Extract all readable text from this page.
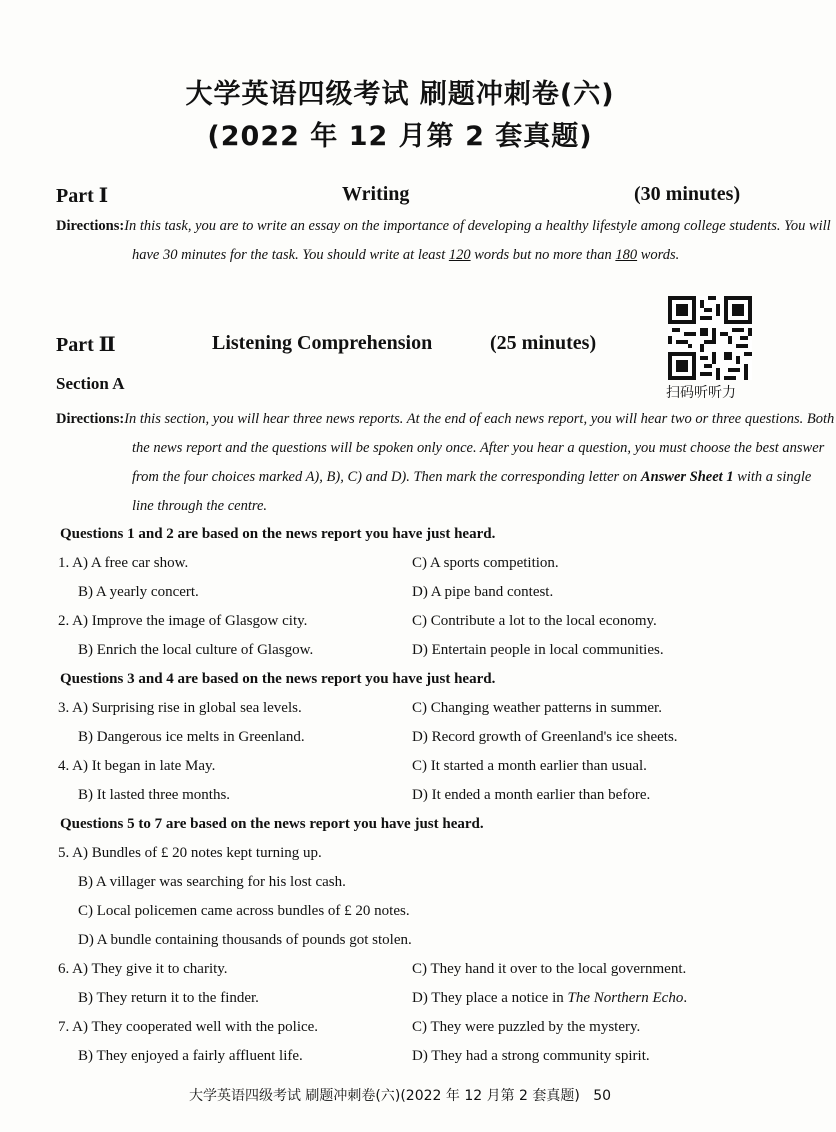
大学英语四级考试 刷题冲刺卷(六)
(2022 年 12 月第 2 套真题)
Part Ⅰ	Writing	(30 minutes)
Directions:In this task, you are to write an essay on the importance of developing a healthy lifestyle among college students. You will have 30 minutes for the task. You should write at least 120 words but no more than 180 words.
扫码听听力
Part Ⅱ	Listening Comprehension	(25 minutes)
Section A
Directions:In this section, you will hear three news reports. At the end of each news report, you will hear two or three questions. Both the news report and the questions will be spoken only once. After you hear a question, you must choose the best answer from the four choices marked A), B), C) and D). Then mark the corresponding letter on Answer Sheet 1 with a single line through the centre.
Questions 1 and 2 are based on the news report you have just heard.
1. A) A free car show.	C) A sports competition.
B) A yearly concert.	D) A pipe band contest.
2. A) Improve the image of Glasgow city.	C) Contribute a lot to the local economy.
B) Enrich the local culture of Glasgow.	D) Entertain people in local communities.
Questions 3 and 4 are based on the news report you have just heard.
3. A) Surprising rise in global sea levels.	C) Changing weather patterns in summer.
B) Dangerous ice melts in Greenland.	D) Record growth of Greenland's ice sheets.
4. A) It began in late May.	C) It started a month earlier than usual.
B) It lasted three months.	D) It ended a month earlier than before.
Questions 5 to 7 are based on the news report you have just heard.
5. A) Bundles of £ 20 notes kept turning up.
B) A villager was searching for his lost cash.
C) Local policemen came across bundles of £ 20 notes.
D) A bundle containing thousands of pounds got stolen.
6. A) They give it to charity.	C) They hand it over to the local government.
B) They return it to the finder.	D) They place a notice in The Northern Echo.
7. A) They cooperated well with the police.	C) They were puzzled by the mystery.
B) They enjoyed a fairly affluent life.	D) They had a strong community spirit.
大学英语四级考试 刷题冲刺卷(六)(2022 年 12 月第 2 套真题) 50
